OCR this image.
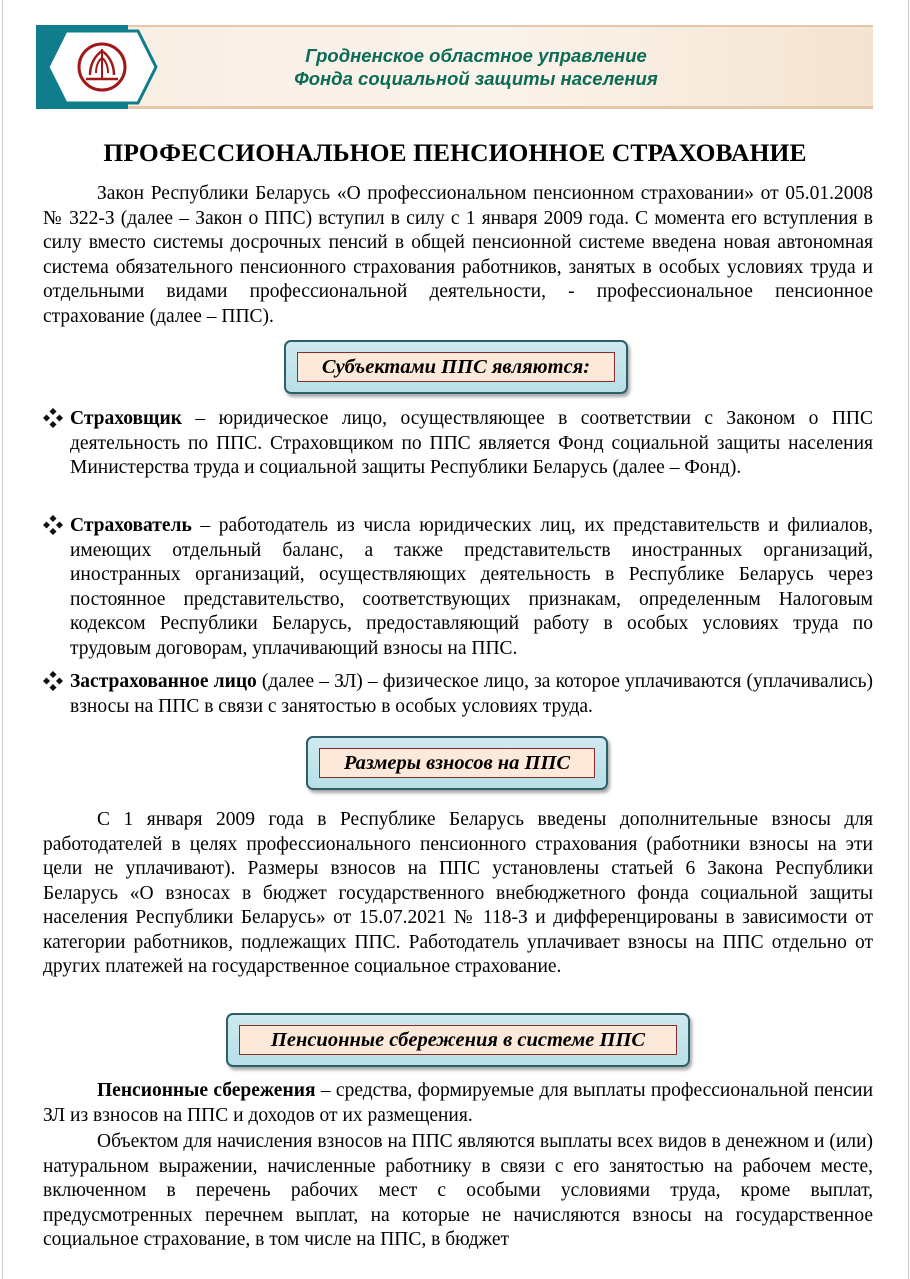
Гродненское областное управление
Фонда социальной защиты населения
ПРОФЕССИОНАЛЬНОЕ ПЕНСИОННОЕ СТРАХОВАНИЕ

Закон Республики Беларусь «О профессиональном пенсионном страховании» от 05.01.2008 № 322-З (далее – Закон о ППС) вступил в силу с 1 января 2009 года. С момента его вступления в силу вместо системы досрочных пенсий в общей пенсионной системе введена новая автономная система обязательного пенсионного страхования работников, занятых в особых условиях труда и отдельными видами профессиональной деятельности, - профессиональное пенсионное страхование (далее – ППС).

Субъектами ППС являются:
Страховщик – юридическое лицо, осуществляющее в соответствии с Законом о ППС деятельность по ППС. Страховщиком по ППС является Фонд социальной защиты населения Министерства труда и социальной защиты Республики Беларусь (далее – Фонд).
Страхователь – работодатель из числа юридических лиц, их представительств и филиалов, имеющих отдельный баланс, а также представительств иностранных организаций, иностранных организаций, осуществляющих деятельность в Республике Беларусь через постоянное представительство, соответствующих признакам, определенным Налоговым кодексом Республики Беларусь, предоставляющий работу в особых условиях труда по трудовым договорам, уплачивающий взносы на ППС.
Застрахованное лицо (далее – ЗЛ) – физическое лицо, за которое уплачиваются (уплачивались) взносы на ППС в связи с занятостью в особых условиях труда.
Размеры взносов на ППС

С 1 января 2009 года в Республике Беларусь введены дополнительные взносы для работодателей в целях профессионального пенсионного страхования (работники взносы на эти цели не уплачивают). Размеры взносов на ППС установлены статьей 6 Закона Республики Беларусь «О взносах в бюджет государственного внебюджетного фонда социальной защиты населения Республики Беларусь» от 15.07.2021 № 118-З и дифференцированы в зависимости от категории работников, подлежащих ППС. Работодатель уплачивает взносы на ППС отдельно от других платежей на государственное социальное страхование.

Пенсионные сбережения в системе ППС

Пенсионные сбережения – средства, формируемые для выплаты профессиональной пенсии ЗЛ из взносов на ППС и доходов от их размещения.

Объектом для начисления взносов на ППС являются выплаты всех видов в денежном и (или) натуральном выражении, начисленные работнику в связи с его занятостью на рабочем месте, включенном в перечень рабочих мест с особыми условиями труда, кроме выплат, предусмотренных перечнем выплат, на которые не начисляются взносы на государственное социальное страхование, в том числе на ППС, в бюджет
